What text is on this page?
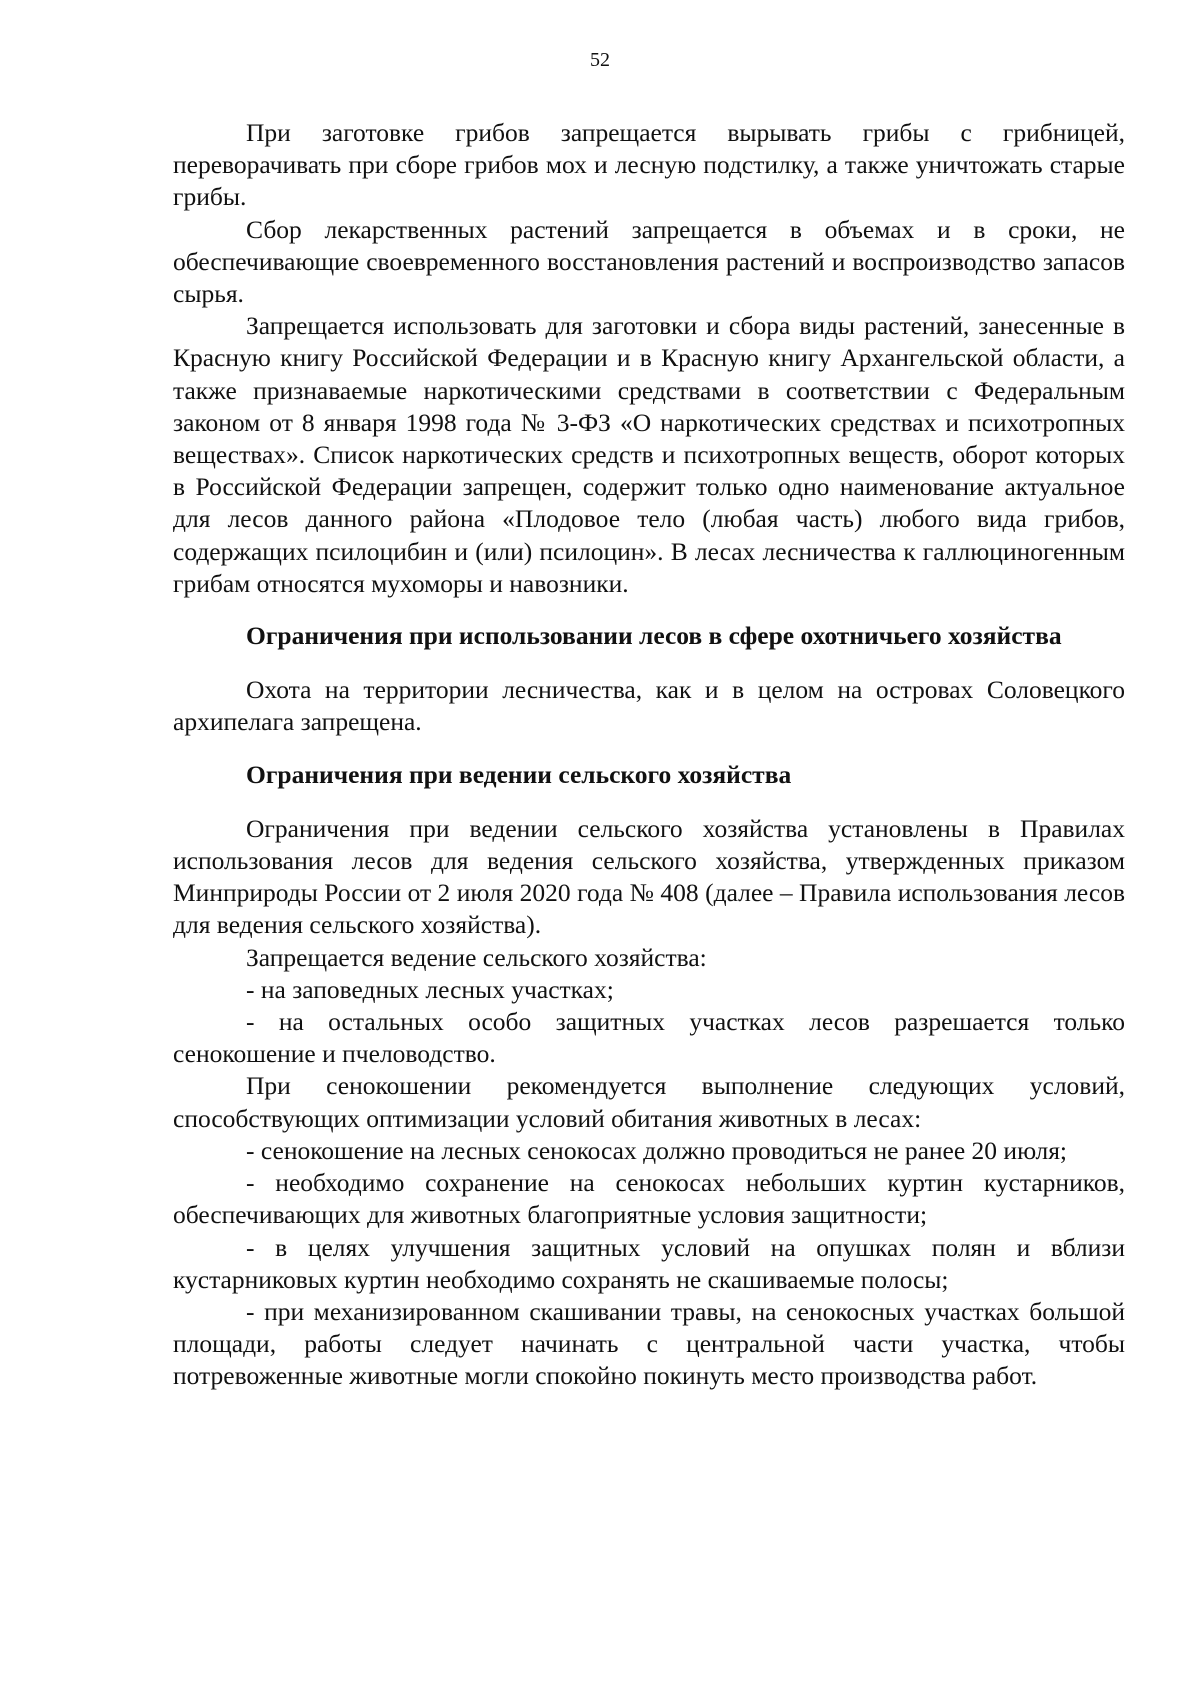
52

При заготовке грибов запрещается вырывать грибы с грибницей, переворачивать при сборе грибов мох и лесную подстилку, а также уничтожать старые грибы.

Сбор лекарственных растений запрещается в объемах и в сроки, не обеспечивающие своевременного восстановления растений и воспроизводство запасов сырья.

Запрещается использовать для заготовки и сбора виды растений, занесенные в Красную книгу Российской Федерации и в Красную книгу Архангельской области, а также признаваемые наркотическими средствами в соответствии с Федеральным законом от 8 января 1998 года № 3-ФЗ «О наркотических средствах и психотропных веществах». Список наркотических средств и психотропных веществ, оборот которых в Российской Федерации запрещен, содержит только одно наименование актуальное для лесов данного района «Плодовое тело (любая часть) любого вида грибов, содержащих псилоцибин и (или) псилоцин». В лесах лесничества к галлюциногенным грибам относятся мухоморы и навозники.

Ограничения при использовании лесов в сфере охотничьего хозяйства

Охота на территории лесничества, как и в целом на островах Соловецкого архипелага запрещена.

Ограничения при ведении сельского хозяйства

Ограничения при ведении сельского хозяйства установлены в Правилах использования лесов для ведения сельского хозяйства, утвержденных приказом Минприроды России от 2 июля 2020 года № 408 (далее – Правила использования лесов для ведения сельского хозяйства).

Запрещается ведение сельского хозяйства:

- на заповедных лесных участках;

- на остальных особо защитных участках лесов разрешается только сенокошение и пчеловодство.

При сенокошении рекомендуется выполнение следующих условий, способствующих оптимизации условий обитания животных в лесах:

- сенокошение на лесных сенокосах должно проводиться не ранее 20 июля;

- необходимо сохранение на сенокосах небольших куртин кустарников, обеспечивающих для животных благоприятные условия защитности;

- в целях улучшения защитных условий на опушках полян и вблизи кустарниковых куртин необходимо сохранять не скашиваемые полосы;

- при механизированном скашивании травы, на сенокосных участках большой площади, работы следует начинать с центральной части участка, чтобы потревоженные животные могли спокойно покинуть место производства работ.
